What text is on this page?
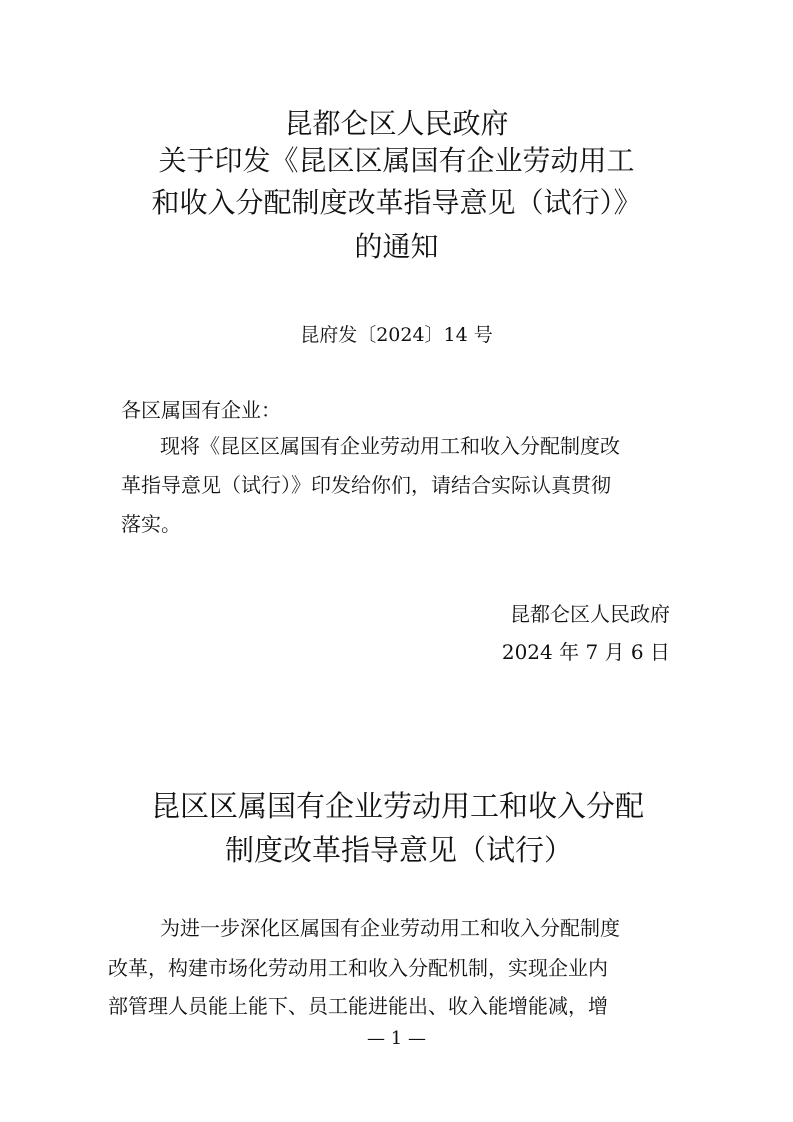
昆都仑区人民政府
关于印发《昆区区属国有企业劳动用工
和收入分配制度改革指导意见（试行）》
的通知
昆府发〔2024〕14 号
各区属国有企业：
现将《昆区区属国有企业劳动用工和收入分配制度改
革指导意见（试行）》印发给你们，请结合实际认真贯彻
落实。
昆都仑区人民政府
2024 年 7 月 6 日
昆区区属国有企业劳动用工和收入分配
制度改革指导意见（试行）
为进一步深化区属国有企业劳动用工和收入分配制度
改革，构建市场化劳动用工和收入分配机制，实现企业内
部管理人员能上能下、员工能进能出、收入能增能减，增
— 1 —
